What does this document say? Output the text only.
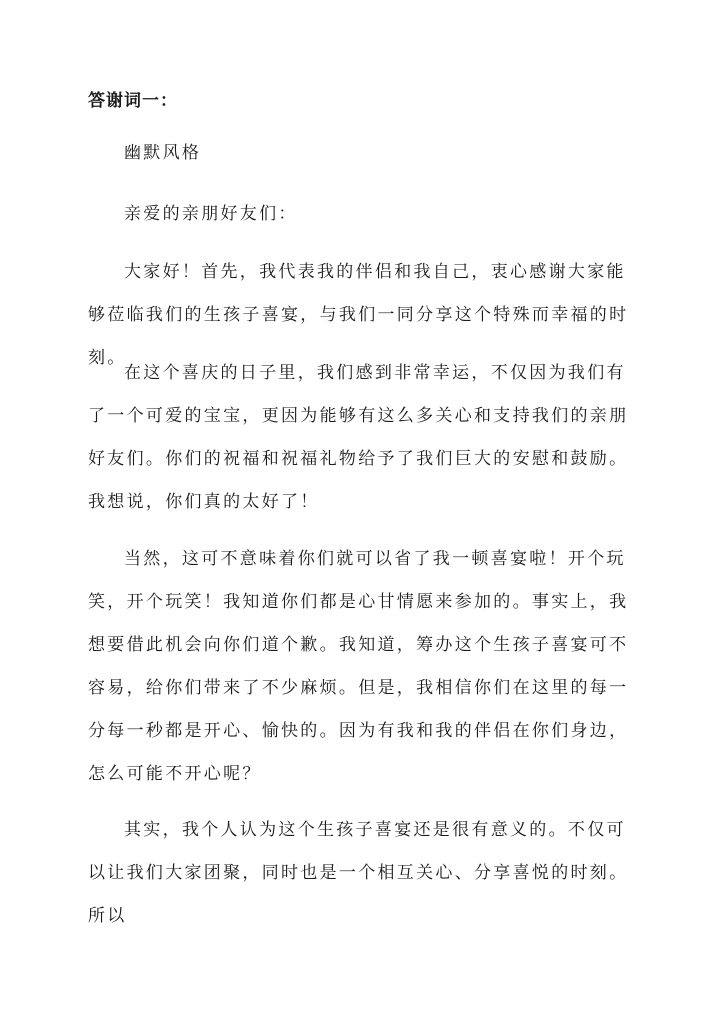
答谢词一：
幽默风格
亲爱的亲朋好友们：
大家好！首先，我代表我的伴侣和我自己，衷心感谢大家能够莅临我们的生孩子喜宴，与我们一同分享这个特殊而幸福的时刻。
在这个喜庆的日子里，我们感到非常幸运，不仅因为我们有了一个可爱的宝宝，更因为能够有这么多关心和支持我们的亲朋好友们。你们的祝福和祝福礼物给予了我们巨大的安慰和鼓励。我想说，你们真的太好了！
当然，这可不意味着你们就可以省了我一顿喜宴啦！开个玩笑，开个玩笑！我知道你们都是心甘情愿来参加的。事实上，我想要借此机会向你们道个歉。我知道，筹办这个生孩子喜宴可不容易，给你们带来了不少麻烦。但是，我相信你们在这里的每一分每一秒都是开心、愉快的。因为有我和我的伴侣在你们身边，怎么可能不开心呢？
其实，我个人认为这个生孩子喜宴还是很有意义的。不仅可以让我们大家团聚，同时也是一个相互关心、分享喜悦的时刻。所以
